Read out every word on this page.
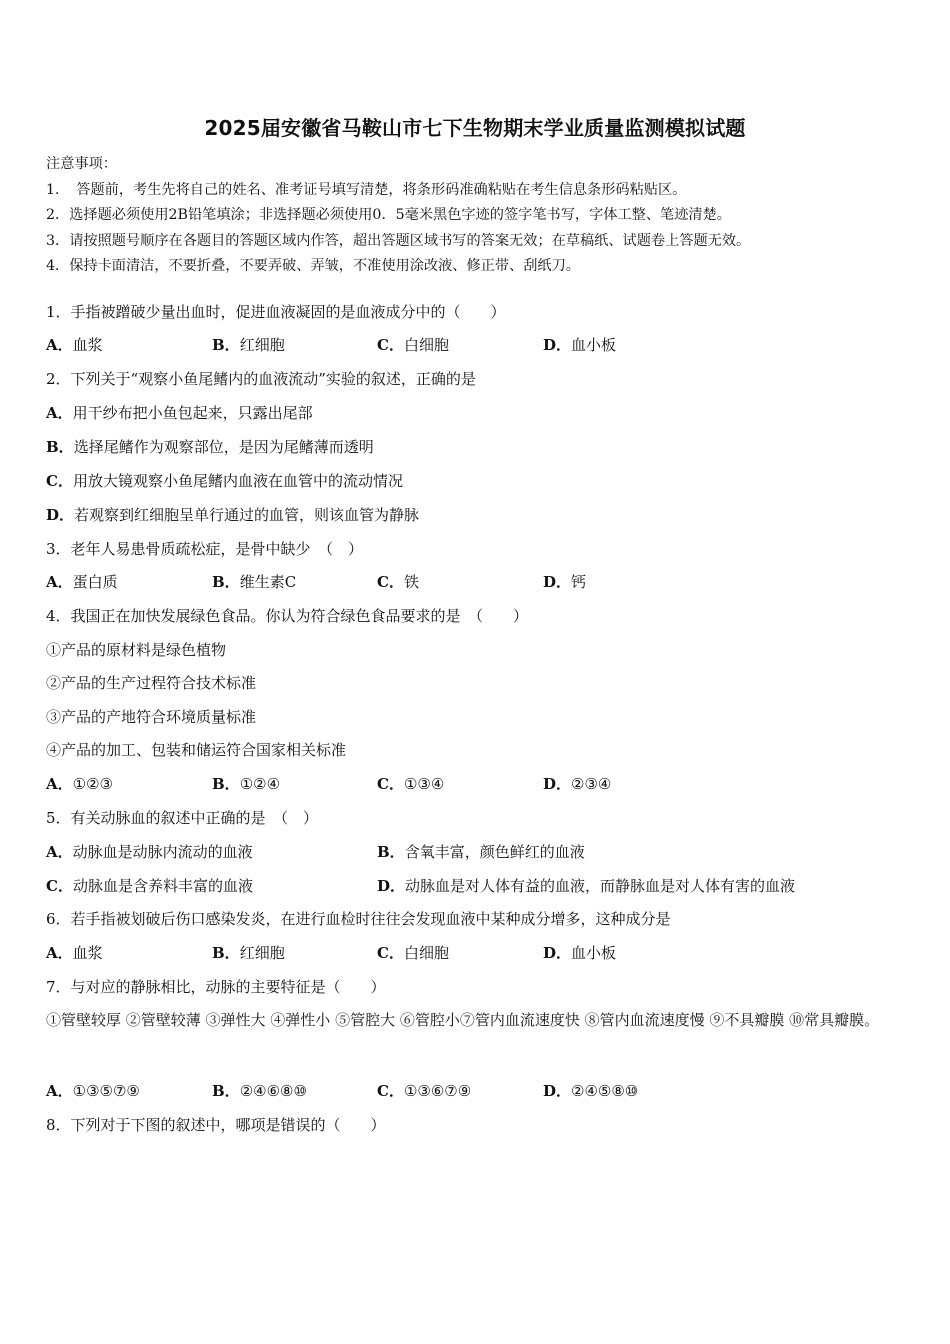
2025届安徽省马鞍山市七下生物期末学业质量监测模拟试题
注意事项：
1．　答题前，考生先将自己的姓名、准考证号填写清楚，将条形码准确粘贴在考生信息条形码粘贴区。
2．选择题必须使用2B铅笔填涂；非选择题必须使用0．5毫米黑色字迹的签字笔书写，字体工整、笔迹清楚。
3．请按照题号顺序在各题目的答题区域内作答，超出答题区域书写的答案无效；在草稿纸、试题卷上答题无效。
4．保持卡面清洁，不要折叠，不要弄破、弄皱，不准使用涂改液、修正带、刮纸刀。
1．手指被蹭破少量出血时，促进血液凝固的是血液成分中的（　　）
A．血浆	B．红细胞	C．白细胞	D．血小板
2．下列关于“观察小鱼尾鳍内的血液流动”实验的叙述，正确的是
A．用干纱布把小鱼包起来，只露出尾部
B．选择尾鳍作为观察部位，是因为尾鳍薄而透明
C．用放大镜观察小鱼尾鳍内血液在血管中的流动情况
D．若观察到红细胞呈单行通过的血管，则该血管为静脉
3．老年人易患骨质疏松症，是骨中缺少　（　）
A．蛋白质	B．维生素C	C．铁	D．钙
4．我国正在加快发展绿色食品。你认为符合绿色食品要求的是　（　　）
①产品的原材料是绿色植物
②产品的生产过程符合技术标准
③产品的产地符合环境质量标准
④产品的加工、包装和储运符合国家相关标准
A．①②③	B．①②④	C．①③④	D．②③④
5．有关动脉血的叙述中正确的是　（　）
A．动脉血是动脉内流动的血液	B．含氧丰富，颜色鲜红的血液
C．动脉血是含养料丰富的血液	D．动脉血是对人体有益的血液，而静脉血是对人体有害的血液
6．若手指被划破后伤口感染发炎，在进行血检时往往会发现血液中某种成分增多，这种成分是
A．血浆	B．红细胞	C．白细胞	D．血小板
7．与对应的静脉相比，动脉的主要特征是（　　）
①管壁较厚 ②管壁较薄 ③弹性大 ④弹性小 ⑤管腔大 ⑥管腔小⑦管内血流速度快 ⑧管内血流速度慢 ⑨不具瓣膜 ⑩常具瓣膜。
A．①③⑤⑦⑨	B．②④⑥⑧⑩	C．①③⑥⑦⑨	D．②④⑤⑧⑩
8．下列对于下图的叙述中，哪项是错误的（　　）
